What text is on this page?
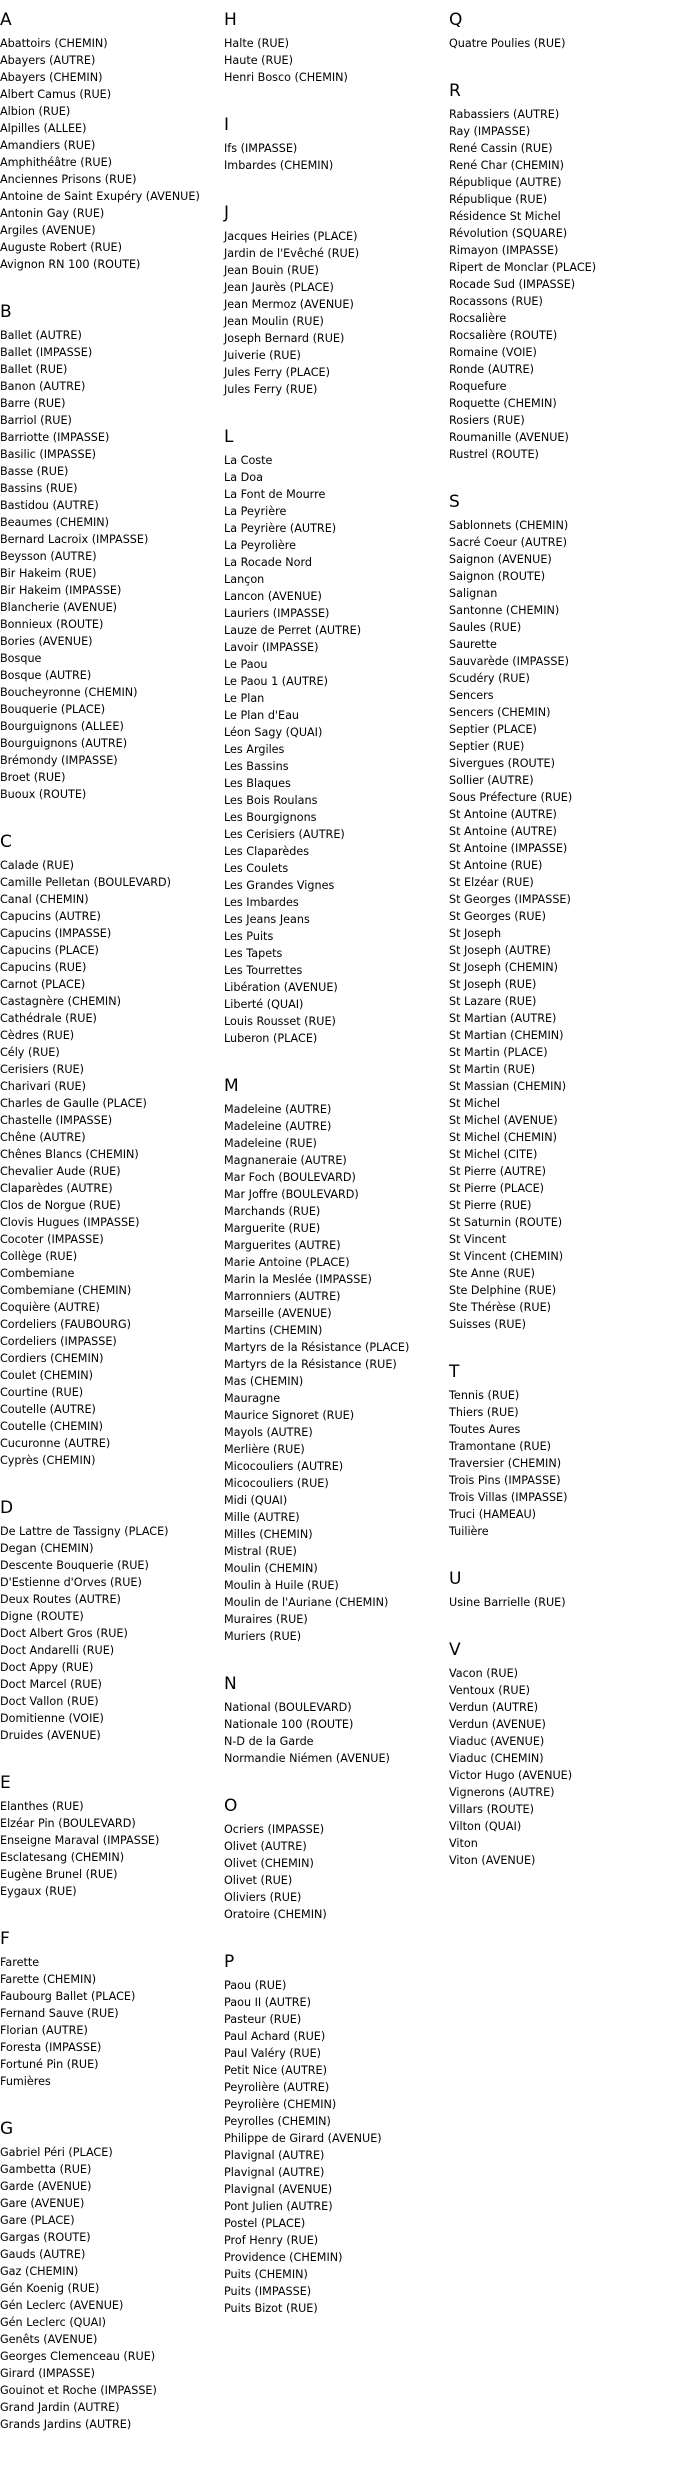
A
Abattoirs (CHEMIN)
Abayers (AUTRE)
Abayers (CHEMIN)
Albert Camus (RUE)
Albion (RUE)
Alpilles (ALLEE)
Amandiers (RUE)
Amphithéâtre (RUE)
Anciennes Prisons (RUE)
Antoine de Saint Exupéry (AVENUE)
Antonin Gay (RUE)
Argiles (AVENUE)
Auguste Robert (RUE)
Avignon RN 100 (ROUTE)
B
Ballet (AUTRE)
Ballet (IMPASSE)
Ballet (RUE)
Banon (AUTRE)
Barre (RUE)
Barriol (RUE)
Barriotte (IMPASSE)
Basilic (IMPASSE)
Basse (RUE)
Bassins (RUE)
Bastidou (AUTRE)
Beaumes (CHEMIN)
Bernard Lacroix (IMPASSE)
Beysson (AUTRE)
Bir Hakeim (RUE)
Bir Hakeim (IMPASSE)
Blancherie (AVENUE)
Bonnieux (ROUTE)
Bories (AVENUE)
Bosque
Bosque (AUTRE)
Boucheyronne (CHEMIN)
Bouquerie (PLACE)
Bourguignons (ALLEE)
Bourguignons (AUTRE)
Brémondy (IMPASSE)
Broet (RUE)
Buoux (ROUTE)
C
Calade (RUE)
Camille Pelletan (BOULEVARD)
Canal (CHEMIN)
Capucins (AUTRE)
Capucins (IMPASSE)
Capucins (PLACE)
Capucins (RUE)
Carnot (PLACE)
Castagnère (CHEMIN)
Cathédrale (RUE)
Cèdres (RUE)
Cély (RUE)
Cerisiers (RUE)
Charivari (RUE)
Charles de Gaulle (PLACE)
Chastelle (IMPASSE)
Chêne (AUTRE)
Chênes Blancs (CHEMIN)
Chevalier Aude (RUE)
Claparèdes (AUTRE)
Clos de Norgue (RUE)
Clovis Hugues (IMPASSE)
Cocoter (IMPASSE)
Collège (RUE)
Combemiane
Combemiane (CHEMIN)
Coquière (AUTRE)
Cordeliers (FAUBOURG)
Cordeliers (IMPASSE)
Cordiers (CHEMIN)
Coulet (CHEMIN)
Courtine (RUE)
Coutelle (AUTRE)
Coutelle (CHEMIN)
Cucuronne (AUTRE)
Cyprès (CHEMIN)
D
De Lattre de Tassigny (PLACE)
Degan (CHEMIN)
Descente Bouquerie (RUE)
D'Estienne d'Orves (RUE)
Deux Routes (AUTRE)
Digne (ROUTE)
Doct Albert Gros (RUE)
Doct Andarelli (RUE)
Doct Appy (RUE)
Doct Marcel (RUE)
Doct Vallon (RUE)
Domitienne (VOIE)
Druides (AVENUE)
E
Elanthes (RUE)
Elzéar Pin (BOULEVARD)
Enseigne Maraval (IMPASSE)
Esclatesang (CHEMIN)
Eugène Brunel (RUE)
Eygaux (RUE)
F
Farette
Farette (CHEMIN)
Faubourg Ballet (PLACE)
Fernand Sauve (RUE)
Florian (AUTRE)
Foresta (IMPASSE)
Fortuné Pin (RUE)
Fumières
G
Gabriel Péri (PLACE)
Gambetta (RUE)
Garde (AVENUE)
Gare (AVENUE)
Gare (PLACE)
Gargas (ROUTE)
Gauds (AUTRE)
Gaz (CHEMIN)
Gén Koenig (RUE)
Gén Leclerc (AVENUE)
Gén Leclerc (QUAI)
Genêts (AVENUE)
Georges Clemenceau (RUE)
Girard (IMPASSE)
Gouinot et Roche (IMPASSE)
Grand Jardin (AUTRE)
Grands Jardins (AUTRE)
H
Halte (RUE)
Haute (RUE)
Henri Bosco (CHEMIN)
I
Ifs (IMPASSE)
Imbardes (CHEMIN)
J
Jacques Heiries (PLACE)
Jardin de l'Evêché (RUE)
Jean Bouin (RUE)
Jean Jaurès (PLACE)
Jean Mermoz (AVENUE)
Jean Moulin (RUE)
Joseph Bernard (RUE)
Juiverie (RUE)
Jules Ferry (PLACE)
Jules Ferry (RUE)
L
La Coste
La Doa
La Font de Mourre
La Peyrière
La Peyrière (AUTRE)
La Peyrolière
La Rocade Nord
Lançon
Lancon (AVENUE)
Lauriers (IMPASSE)
Lauze de Perret (AUTRE)
Lavoir (IMPASSE)
Le Paou
Le Paou 1 (AUTRE)
Le Plan
Le Plan d'Eau
Léon Sagy (QUAI)
Les Argiles
Les Bassins
Les Blaques
Les Bois Roulans
Les Bourgignons
Les Cerisiers (AUTRE)
Les Claparèdes
Les Coulets
Les Grandes Vignes
Les Imbardes
Les Jeans Jeans
Les Puits
Les Tapets
Les Tourrettes
Libération (AVENUE)
Liberté (QUAI)
Louis Rousset (RUE)
Luberon (PLACE)
M
Madeleine (AUTRE)
Madeleine (AUTRE)
Madeleine (RUE)
Magnaneraie (AUTRE)
Mar Foch (BOULEVARD)
Mar Joffre (BOULEVARD)
Marchands (RUE)
Marguerite (RUE)
Marguerites (AUTRE)
Marie Antoine (PLACE)
Marin la Meslée (IMPASSE)
Marronniers (AUTRE)
Marseille (AVENUE)
Martins (CHEMIN)
Martyrs de la Résistance (PLACE)
Martyrs de la Résistance (RUE)
Mas (CHEMIN)
Mauragne
Maurice Signoret (RUE)
Mayols (AUTRE)
Merlière (RUE)
Micocouliers (AUTRE)
Micocouliers (RUE)
Midi (QUAI)
Mille (AUTRE)
Milles (CHEMIN)
Mistral (RUE)
Moulin (CHEMIN)
Moulin à Huile (RUE)
Moulin de l'Auriane (CHEMIN)
Muraires (RUE)
Muriers (RUE)
N
National (BOULEVARD)
Nationale 100 (ROUTE)
N-D de la Garde
Normandie Niémen (AVENUE)
O
Ocriers (IMPASSE)
Olivet (AUTRE)
Olivet (CHEMIN)
Olivet (RUE)
Oliviers (RUE)
Oratoire (CHEMIN)
P
Paou (RUE)
Paou II (AUTRE)
Pasteur (RUE)
Paul Achard (RUE)
Paul Valéry (RUE)
Petit Nice (AUTRE)
Peyrolière (AUTRE)
Peyrolière (CHEMIN)
Peyrolles (CHEMIN)
Philippe de Girard (AVENUE)
Plavignal (AUTRE)
Plavignal (AUTRE)
Plavignal (AVENUE)
Pont Julien (AUTRE)
Postel (PLACE)
Prof Henry (RUE)
Providence (CHEMIN)
Puits (CHEMIN)
Puits (IMPASSE)
Puits Bizot (RUE)
Q
Quatre Poulies (RUE)
R
Rabassiers (AUTRE)
Ray (IMPASSE)
René Cassin (RUE)
René Char (CHEMIN)
République (AUTRE)
République (RUE)
Résidence St Michel
Révolution (SQUARE)
Rimayon (IMPASSE)
Ripert de Monclar (PLACE)
Rocade Sud (IMPASSE)
Rocassons (RUE)
Rocsalière
Rocsalière (ROUTE)
Romaine (VOIE)
Ronde (AUTRE)
Roquefure
Roquette (CHEMIN)
Rosiers (RUE)
Roumanille (AVENUE)
Rustrel (ROUTE)
S
Sablonnets (CHEMIN)
Sacré Coeur (AUTRE)
Saignon (AVENUE)
Saignon (ROUTE)
Salignan
Santonne (CHEMIN)
Saules (RUE)
Saurette
Sauvarède (IMPASSE)
Scudéry (RUE)
Sencers
Sencers (CHEMIN)
Septier (PLACE)
Septier (RUE)
Sivergues (ROUTE)
Sollier (AUTRE)
Sous Préfecture (RUE)
St Antoine (AUTRE)
St Antoine (AUTRE)
St Antoine (IMPASSE)
St Antoine (RUE)
St Elzéar (RUE)
St Georges (IMPASSE)
St Georges (RUE)
St Joseph
St Joseph (AUTRE)
St Joseph (CHEMIN)
St Joseph (RUE)
St Lazare (RUE)
St Martian (AUTRE)
St Martian (CHEMIN)
St Martin (PLACE)
St Martin (RUE)
St Massian (CHEMIN)
St Michel
St Michel (AVENUE)
St Michel (CHEMIN)
St Michel (CITE)
St Pierre (AUTRE)
St Pierre (PLACE)
St Pierre (RUE)
St Saturnin (ROUTE)
St Vincent
St Vincent (CHEMIN)
Ste Anne (RUE)
Ste Delphine (RUE)
Ste Thérèse (RUE)
Suisses (RUE)
T
Tennis (RUE)
Thiers (RUE)
Toutes Aures
Tramontane (RUE)
Traversier (CHEMIN)
Trois Pins (IMPASSE)
Trois Villas (IMPASSE)
Truci (HAMEAU)
Tuilière
U
Usine Barrielle (RUE)
V
Vacon (RUE)
Ventoux (RUE)
Verdun (AUTRE)
Verdun (AVENUE)
Viaduc (AVENUE)
Viaduc (CHEMIN)
Victor Hugo (AVENUE)
Vignerons (AUTRE)
Villars (ROUTE)
Vilton (QUAI)
Viton
Viton (AVENUE)
